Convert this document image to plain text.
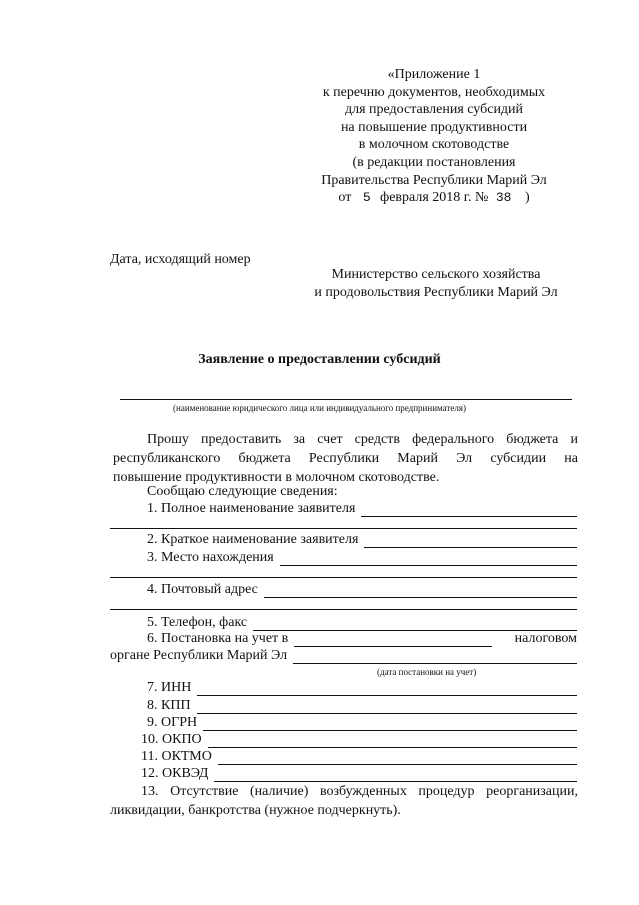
«Приложение 1
к перечню документов, необходимых
для предоставления субсидий
на повышение продуктивности
в молочном скотоводстве
(в редакции постановления
Правительства Республики Марий Эл
от 5 февраля 2018 г. № 38 )
Дата, исходящий номер
Министерство сельского хозяйства
и продовольствия Республики Марий Эл
Заявление о предоставлении субсидий
(наименование юридического лица или индивидуального предпринимателя)
Прошу предоставить за счет средств федерального бюджета и
республиканского бюджета Республики Марий Эл субсидии на
повышение продуктивности в молочном скотоводстве.
Сообщаю следующие сведения:
1. Полное наименование заявителя
2. Краткое наименование заявителя
3. Место нахождения
4. Почтовый адрес
5. Телефон, факс
6. Постановка на учет в	налоговом
органе Республики Марий Эл
(дата постановки на учет)
7. ИНН
8. КПП
9. ОГРН
10. ОКПО
11. ОКТМО
12. ОКВЭД
13. Отсутствие (наличие) возбужденных процедур реорганизации,
ликвидации, банкротства (нужное подчеркнуть).
